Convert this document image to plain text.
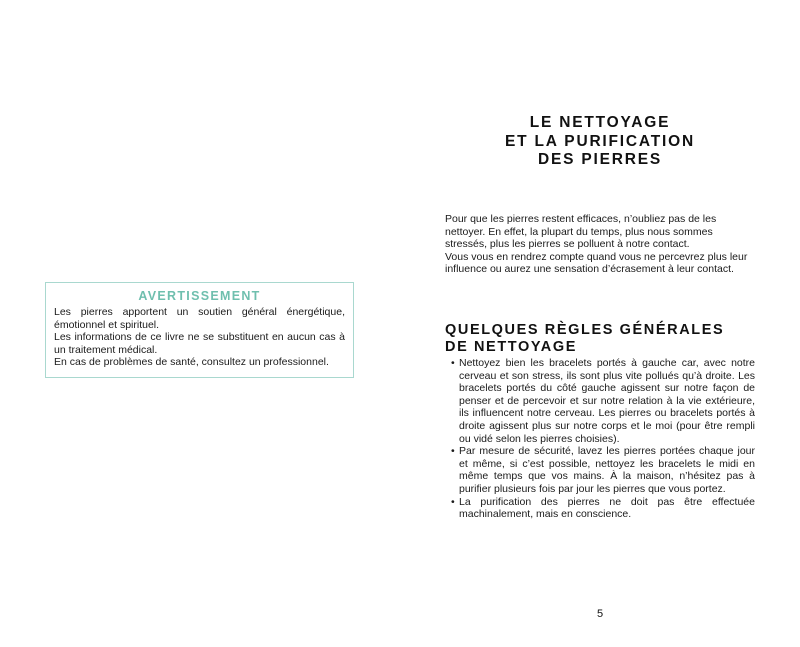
AVERTISSEMENT

Les pierres apportent un soutien général énergétique, émotionnel et spirituel.

Les informations de ce livre ne se substituent en aucun cas à un traitement médical.

En cas de problèmes de santé, consultez un professionnel.

LE NETTOYAGE
ET LA PURIFICATION
DES PIERRES

Pour que les pierres restent efficaces, n’oubliez pas de les nettoyer. En effet, la plupart du temps, plus nous sommes stressés, plus les pierres se polluent à notre contact.

Vous vous en rendrez compte quand vous ne percevrez plus leur influence ou aurez une sensation d’écrasement à leur contact.

QUELQUES RÈGLES GÉNÉRALES
DE NETTOYAGE
• Nettoyez bien les bracelets portés à gauche car, avec notre cerveau et son stress, ils sont plus vite pollués qu’à droite. Les bracelets portés du côté gauche agissent sur notre façon de penser et de percevoir et sur notre relation à la vie extérieure, ils influencent notre cerveau. Les pierres ou bracelets portés à droite agissent plus sur notre corps et le moi (pour être rempli ou vidé selon les pierres choisies).
• Par mesure de sécurité, lavez les pierres portées chaque jour et même, si c’est possible, nettoyez les bracelets le midi en même temps que vos mains. À la maison, n’hésitez pas à purifier plusieurs fois par jour les pierres que vous portez.
• La purification des pierres ne doit pas être effectuée machinalement, mais en conscience.
5
